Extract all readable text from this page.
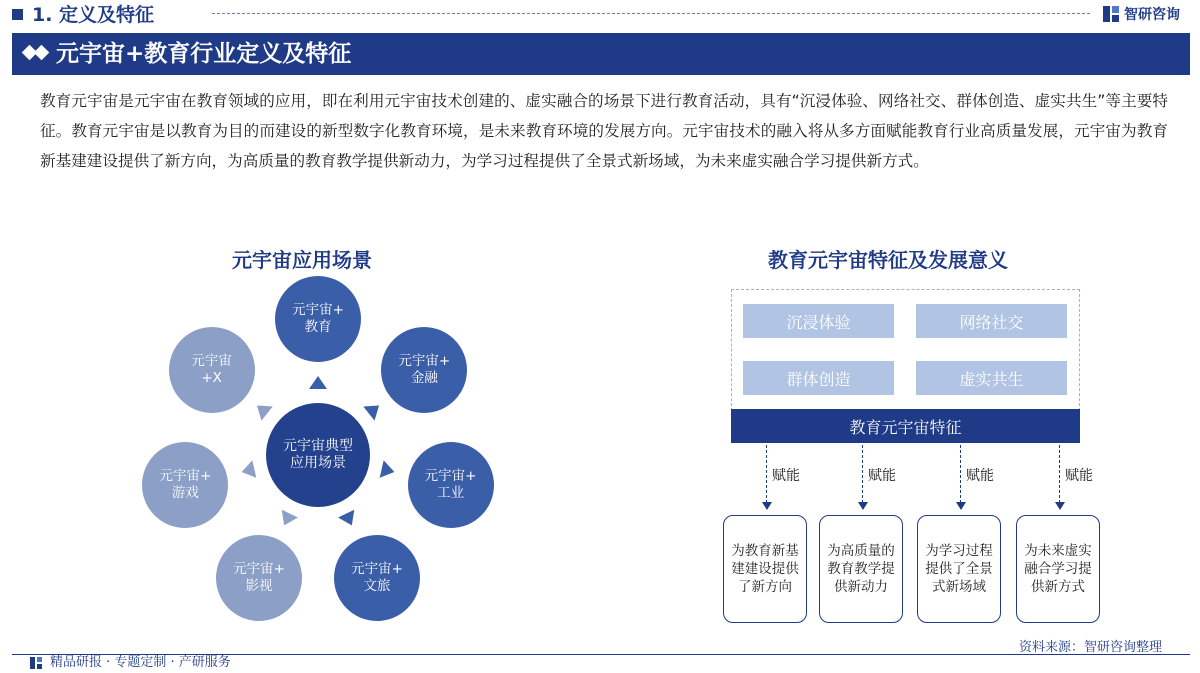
1. 定义及特征	智研咨询
元宇宙+教育行业定义及特征
教育元宇宙是元宇宙在教育领域的应用，即在利用元宇宙技术创建的、虚实融合的场景下进行教育活动，具有“沉浸体验、网络社交、群体创造、虚实共生”等主要特征。教育元宇宙是以教育为目的而建设的新型数字化教育环境，是未来教育环境的发展方向。元宇宙技术的融入将从多方面赋能教育行业高质量发展，元宇宙为教育新基建建设提供了新方向，为高质量的教育教学提供新动力，为学习过程提供了全景式新场域，为未来虚实融合学习提供新方式。
元宇宙应用场景
元宇宙+
教育
元宇宙+
金融
元宇宙+
工业
元宇宙+
文旅
元宇宙+
影视
元宇宙+
游戏
元宇宙
+X
元宇宙典型应用场景
教育元宇宙特征及发展意义
沉浸体验	网络社交
群体创造	虚实共生
教育元宇宙特征
赋能
为教育新基建建设提供了新方向
赋能
为高质量的教育教学提供新动力
赋能
为学习过程提供了全景式新场域
赋能
为未来虚实融合学习提供新方式
资料来源：智研咨询整理
精品研报 · 专题定制 · 产研服务
